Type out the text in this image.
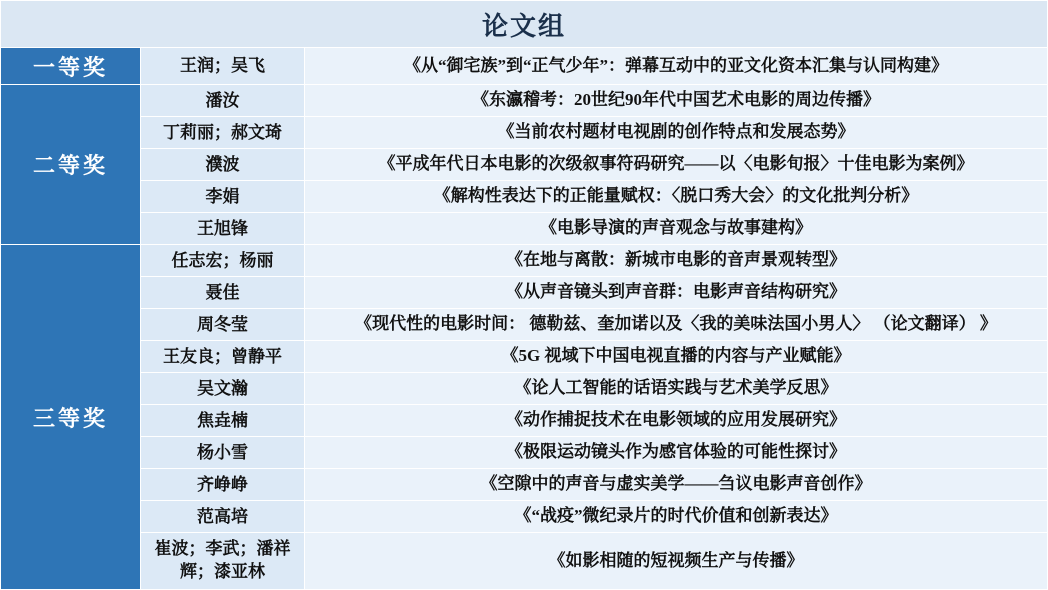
论文组		
一等奖	王润；吴飞	《从“御宅族”到“正气少年”：弹幕互动中的亚文化资本汇集与认同构建》
二等奖	潘汝	《东瀛稽考：20世纪90年代中国艺术电影的周边传播》
	丁莉丽；郝文琦	《当前农村题材电视剧的创作特点和发展态势》
	濮波	《平成年代日本电影的次级叙事符码研究——以〈电影旬报〉十佳电影为案例》
	李娟	《解构性表达下的正能量赋权：〈脱口秀大会〉的文化批判分析》
	王旭锋	《电影导演的声音观念与故事建构》
三等奖	任志宏；杨丽	《在地与离散：新城市电影的音声景观转型》
	聂佳	《从声音镜头到声音群：电影声音结构研究》
	周冬莹	《现代性的电影时间： 德勒兹、奎加诺以及〈我的美味法国小男人〉 （论文翻译） 》
	王友良；曾静平	《5G 视域下中国电视直播的内容与产业赋能》
	吴文瀚	《论人工智能的话语实践与艺术美学反思》
	焦垚楠	《动作捕捉技术在电影领域的应用发展研究》
	杨小雪	《极限运动镜头作为感官体验的可能性探讨》
	齐峥峥	《空隙中的声音与虚实美学——刍议电影声音创作》
	范高培	《“战疫”微纪录片的时代价值和创新表达》
	崔波；李武；潘祥辉；漆亚林	《如影相随的短视频生产与传播》
